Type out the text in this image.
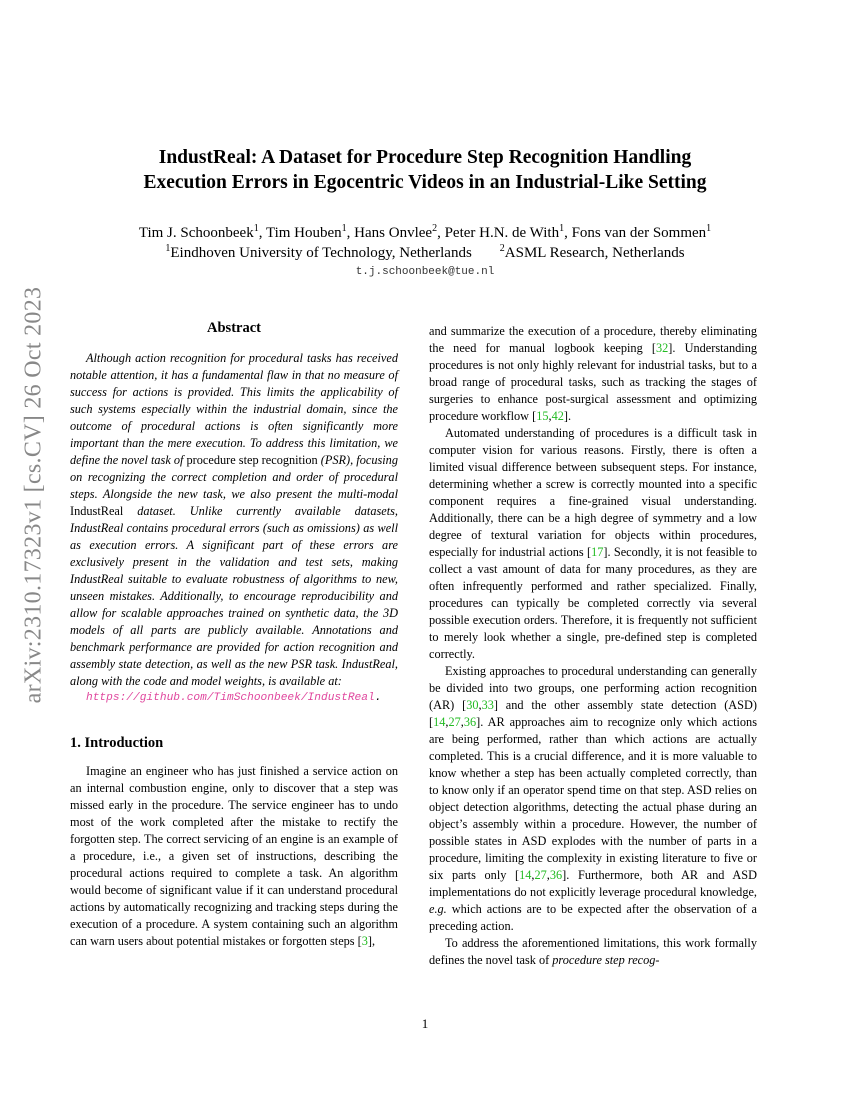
arXiv:2310.17323v1 [cs.CV] 26 Oct 2023
IndustReal: A Dataset for Procedure Step Recognition Handling
Execution Errors in Egocentric Videos in an Industrial-Like Setting
Tim J. Schoonbeek$^1$, Tim Houben$^1$, Hans Onvlee$^2$, Peter H.N. de With$^1$, Fons van der Sommen$^1$
$^1$Eindhoven University of Technology, Netherlands	$^2$ASML Research, Netherlands
t.j.schoonbeek@tue.nl
Abstract
Although action recognition for procedural tasks has received notable attention, it has a fundamental flaw in that no measure of success for actions is provided. This limits the applicability of such systems especially within the industrial domain, since the outcome of procedural actions is often significantly more important than the mere execution. To address this limitation, we define the novel task of procedure step recognition (PSR), focusing on recognizing the correct completion and order of procedural steps. Alongside the new task, we also present the multi-modal IndustReal dataset. Unlike currently available datasets, IndustReal contains procedural errors (such as omissions) as well as execution errors. A significant part of these errors are exclusively present in the validation and test sets, making IndustReal suitable to evaluate robustness of algorithms to new, unseen mistakes. Additionally, to encourage reproducibility and allow for scalable approaches trained on synthetic data, the 3D models of all parts are publicly available. Annotations and benchmark performance are provided for action recognition and assembly state detection, as well as the new PSR task. IndustReal, along with the code and model weights, is available at:
https://github.com/TimSchoonbeek/IndustReal.
1. Introduction

Imagine an engineer who has just finished a service action on an internal combustion engine, only to discover that a step was missed early in the procedure. The service engineer has to undo most of the work completed after the mistake to rectify the forgotten step. The correct servicing of an engine is an example of a procedure, i.e., a given set of instructions, describing the procedural actions required to complete a task. An algorithm would become of significant value if it can understand procedural actions by automatically recognizing and tracking steps during the execution of a procedure. A system containing such an algorithm can warn users about potential mistakes or forgotten steps [3],

and summarize the execution of a procedure, thereby eliminating the need for manual logbook keeping [32]. Understanding procedures is not only highly relevant for industrial tasks, but to a broad range of procedural tasks, such as tracking the stages of surgeries to enhance post-surgical assessment and optimizing procedure workflow [15,42].

Automated understanding of procedures is a difficult task in computer vision for various reasons. Firstly, there is often a limited visual difference between subsequent steps. For instance, determining whether a screw is correctly mounted into a specific component requires a fine-grained visual understanding. Additionally, there can be a high degree of symmetry and a low degree of textural variation for objects within procedures, especially for industrial actions [17]. Secondly, it is not feasible to collect a vast amount of data for many procedures, as they are often infrequently performed and rather specialized. Finally, procedures can typically be completed correctly via several possible execution orders. Therefore, it is frequently not sufficient to merely look whether a single, pre-defined step is completed correctly.

Existing approaches to procedural understanding can generally be divided into two groups, one performing action recognition (AR) [30,33] and the other assembly state detection (ASD) [14,27,36]. AR approaches aim to recognize only which actions are being performed, rather than which actions are actually completed. This is a crucial difference, and it is more valuable to know whether a step has been actually completed correctly, than to know only if an operator spend time on that step. ASD relies on object detection algorithms, detecting the actual phase during an object’s assembly within a procedure. However, the number of possible states in ASD explodes with the number of parts in a procedure, limiting the complexity in existing literature to five or six parts only [14,27,36]. Furthermore, both AR and ASD implementations do not explicitly leverage procedural knowledge, e.g. which actions are to be expected after the observation of a preceding action.

To address the aforementioned limitations, this work formally defines the novel task of procedure step recog-

1
